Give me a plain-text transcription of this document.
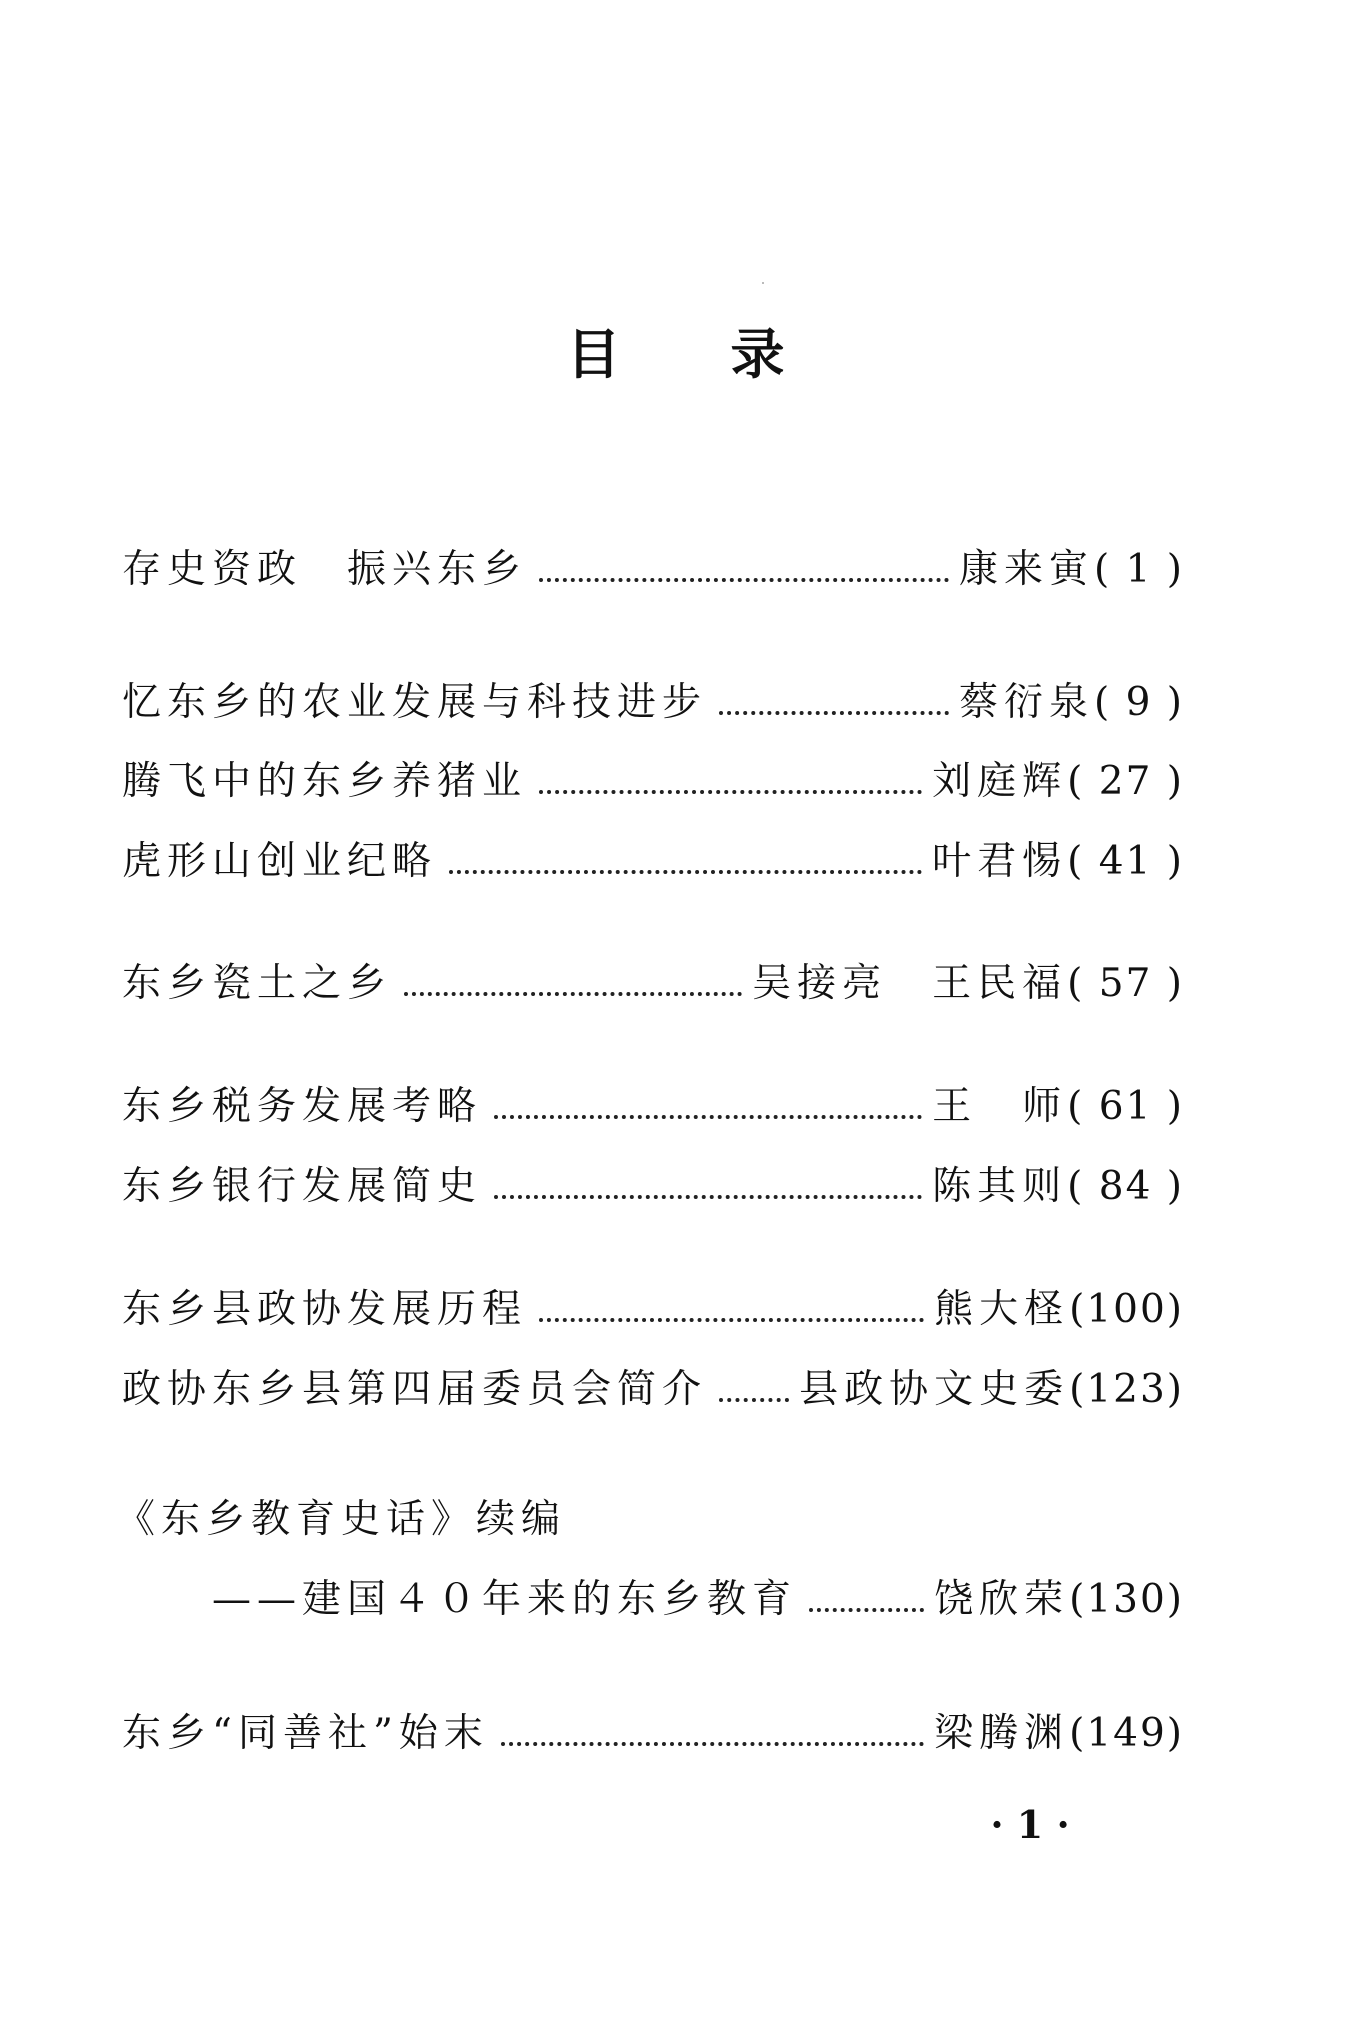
目录
存史资政　振兴东乡	康来寅 ( 1 )
忆东乡的农业发展与科技进步	蔡衍泉 ( 9 )
腾飞中的东乡养猪业	刘庭辉 ( 27 )
虎形山创业纪略	叶君惕 ( 41 )
东乡瓷土之乡	吴接亮　王民福 ( 57 )
东乡税务发展考略	王　师 ( 61 )
东乡银行发展简史	陈其则 ( 84 )
东乡县政协发展历程	熊大柽 (100)
政协东乡县第四届委员会简介 县政协文史委 (123)
《东乡教育史话》续编
——建国４０年来的东乡教育	饶欣荣 (130)
东乡“同善社”始末	梁腾渊 (149)
· 1 ·
